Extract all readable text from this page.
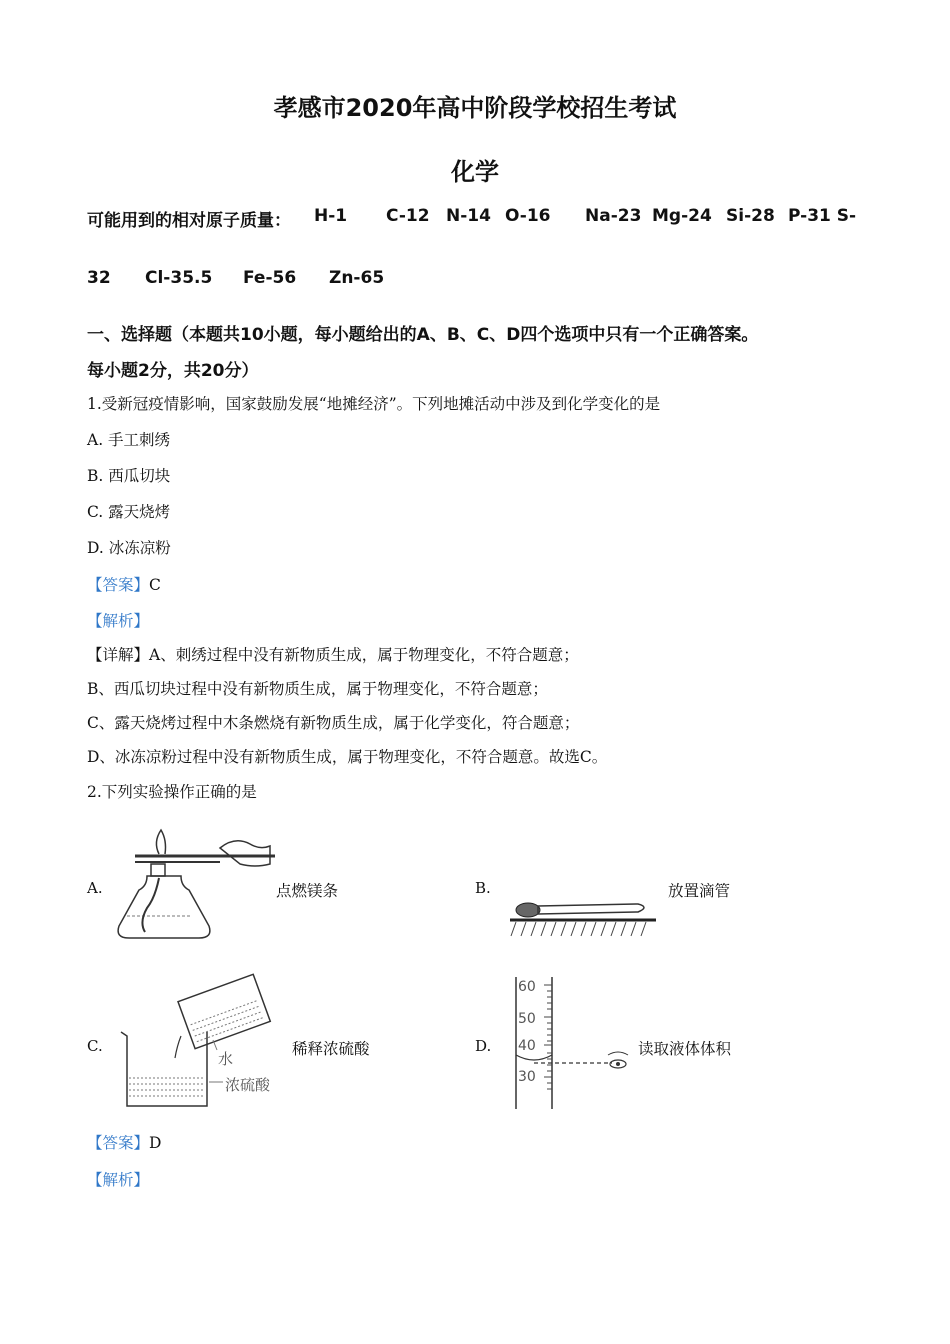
孝感市2020年高中阶段学校招生考试
化学
可能用到的相对原子质量： H-1 C-12 N-14 O-16 Na-23 Mg-24 Si-28 P-31 S-
32 Cl-35.5 Fe-56 Zn-65
一、选择题（本题共10小题，每小题给出的A、B、C、D四个选项中只有一个正确答案。
每小题2分，共20分）
1.受新冠疫情影响，国家鼓励发展“地摊经济”。下列地摊活动中涉及到化学变化的是
A. 手工刺绣
B. 西瓜切块
C. 露天烧烤
D. 冰冻凉粉
【答案】C
【解析】
【详解】A、刺绣过程中没有新物质生成，属于物理变化，不符合题意；
B、西瓜切块过程中没有新物质生成，属于物理变化，不符合题意；
C、露天烧烤过程中木条燃烧有新物质生成，属于化学变化，符合题意；
D、冰冻凉粉过程中没有新物质生成，属于物理变化，不符合题意。故选C。
2.下列实验操作正确的是
A.	点燃镁条	B.	放置滴管
C.	稀释浓硫酸
水
浓硫酸
D.	读取液体体积
60
50
40
30
【答案】D
【解析】
